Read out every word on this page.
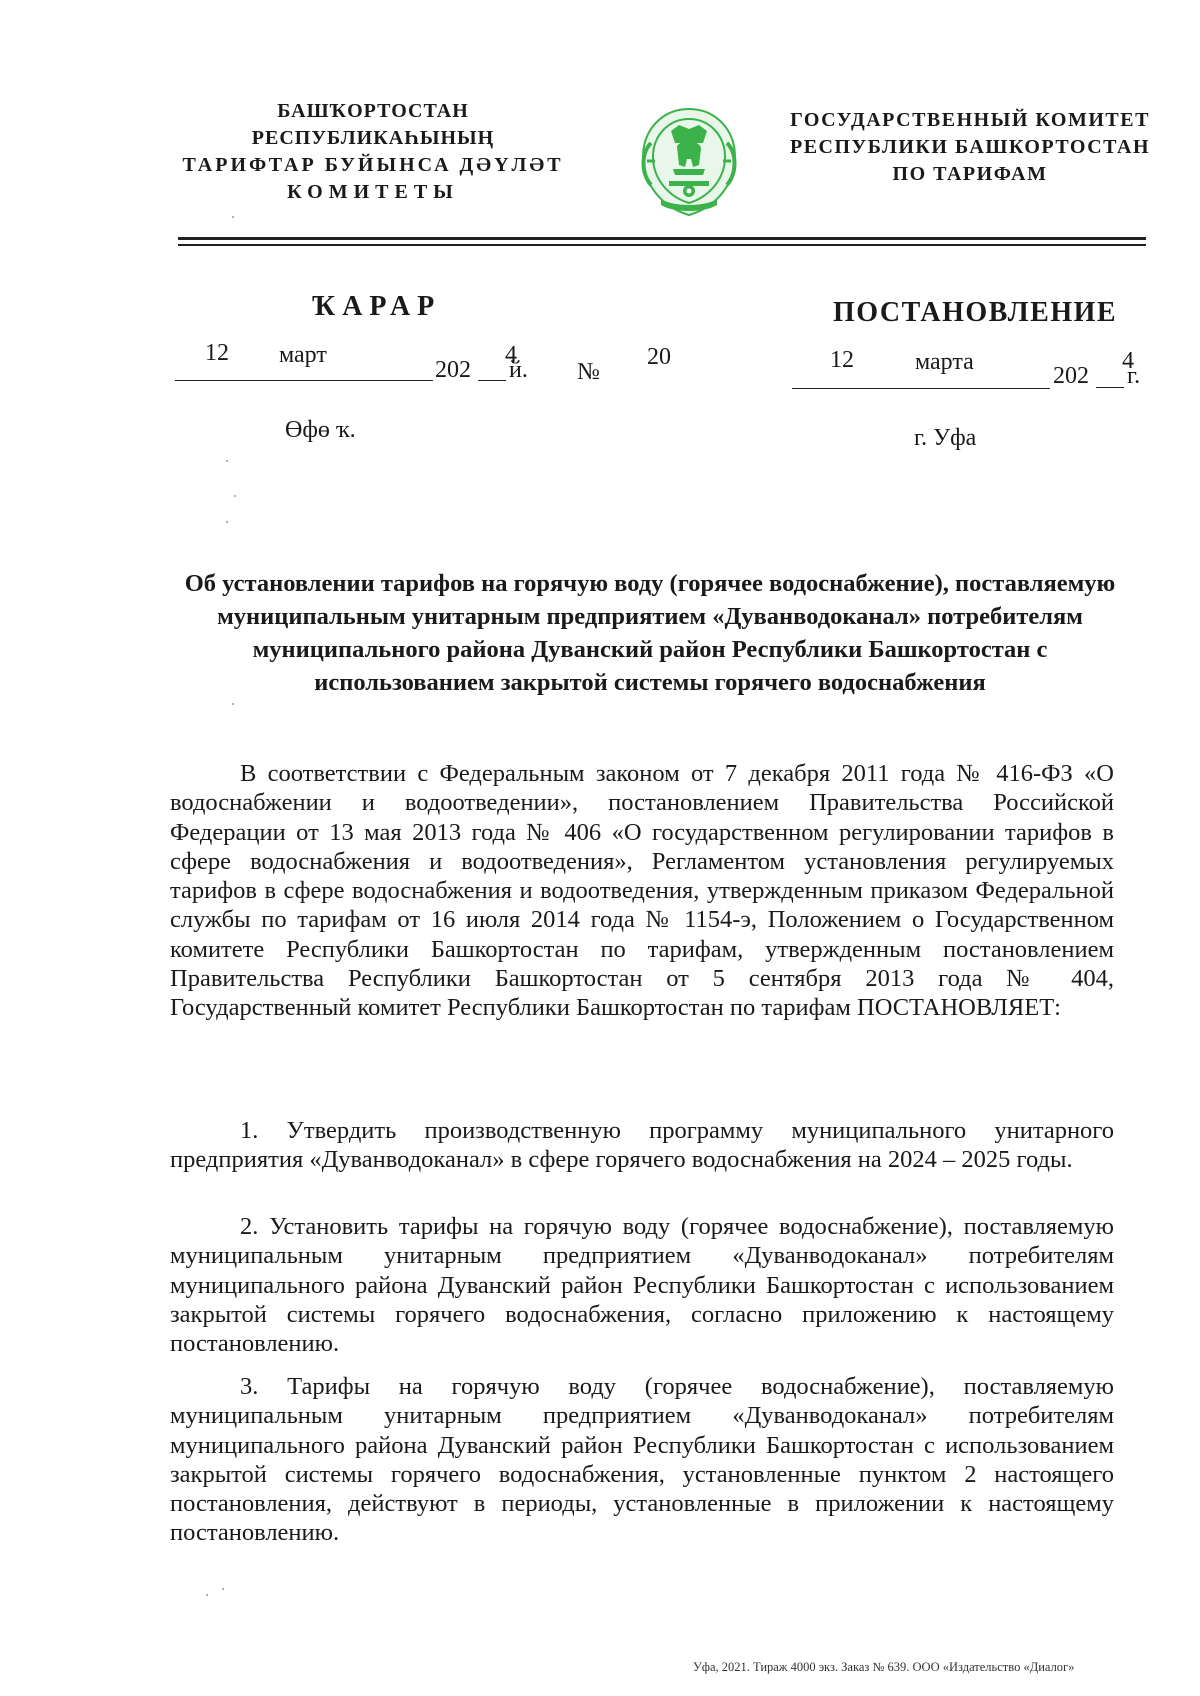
БАШҠОРТОСТАН РЕСПУБЛИКАҺЫНЫҢ
ТАРИФТАР БУЙЫНСА ДӘҮЛӘТ
КОМИТЕТЫ
ГОСУДАРСТВЕННЫЙ КОМИТЕТ
РЕСПУБЛИКИ БАШКОРТОСТАН
ПО ТАРИФАМ
ҠАРАР	ПОСТАНОВЛЕНИЕ
12 март
202
4
й. №
20	12	марта
202
4
г.
Өфө ҡ.	г. Уфа
Об установлении тарифов на горячую воду (горячее водоснабжение), поставляемую муниципальным унитарным предприятием «Дуванводоканал» потребителям муниципального района Дуванский район Республики Башкортостан с использованием закрытой системы горячего водоснабжения

В соответствии с Федеральным законом от 7 декабря 2011 года № 416-ФЗ «О водоснабжении и водоотведении», постановлением Правительства Российской Федерации от 13 мая 2013 года № 406 «О государственном регулировании тарифов в сфере водоснабжения и водоотведения», Регламентом установления регулируемых тарифов в сфере водоснабжения и водоотведения, утвержденным приказом Федеральной службы по тарифам от 16 июля 2014 года № 1154-э, Положением о Государственном комитете Республики Башкортостан по тарифам, утвержденным постановлением Правительства Республики Башкортостан от 5 сентября 2013 года № 404, Государственный комитет Республики Башкортостан по тарифам ПОСТАНОВЛЯЕТ:

1. Утвердить производственную программу муниципального унитарного предприятия «Дуванводоканал» в сфере горячего водоснабжения на 2024 – 2025 годы.

2. Установить тарифы на горячую воду (горячее водоснабжение), поставляемую муниципальным унитарным предприятием «Дуванводоканал» потребителям муниципального района Дуванский район Республики Башкортостан с использованием закрытой системы горячего водоснабжения, согласно приложению к настоящему постановлению.

3. Тарифы на горячую воду (горячее водоснабжение), поставляемую муниципальным унитарным предприятием «Дуванводоканал» потребителям муниципального района Дуванский район Республики Башкортостан с использованием закрытой системы горячего водоснабжения, установленные пунктом 2 настоящего постановления, действуют в периоды, установленные в приложении к настоящему постановлению.

Уфа, 2021. Тираж 4000 экз. Заказ № 639. ООО «Издательство «Диалог»
